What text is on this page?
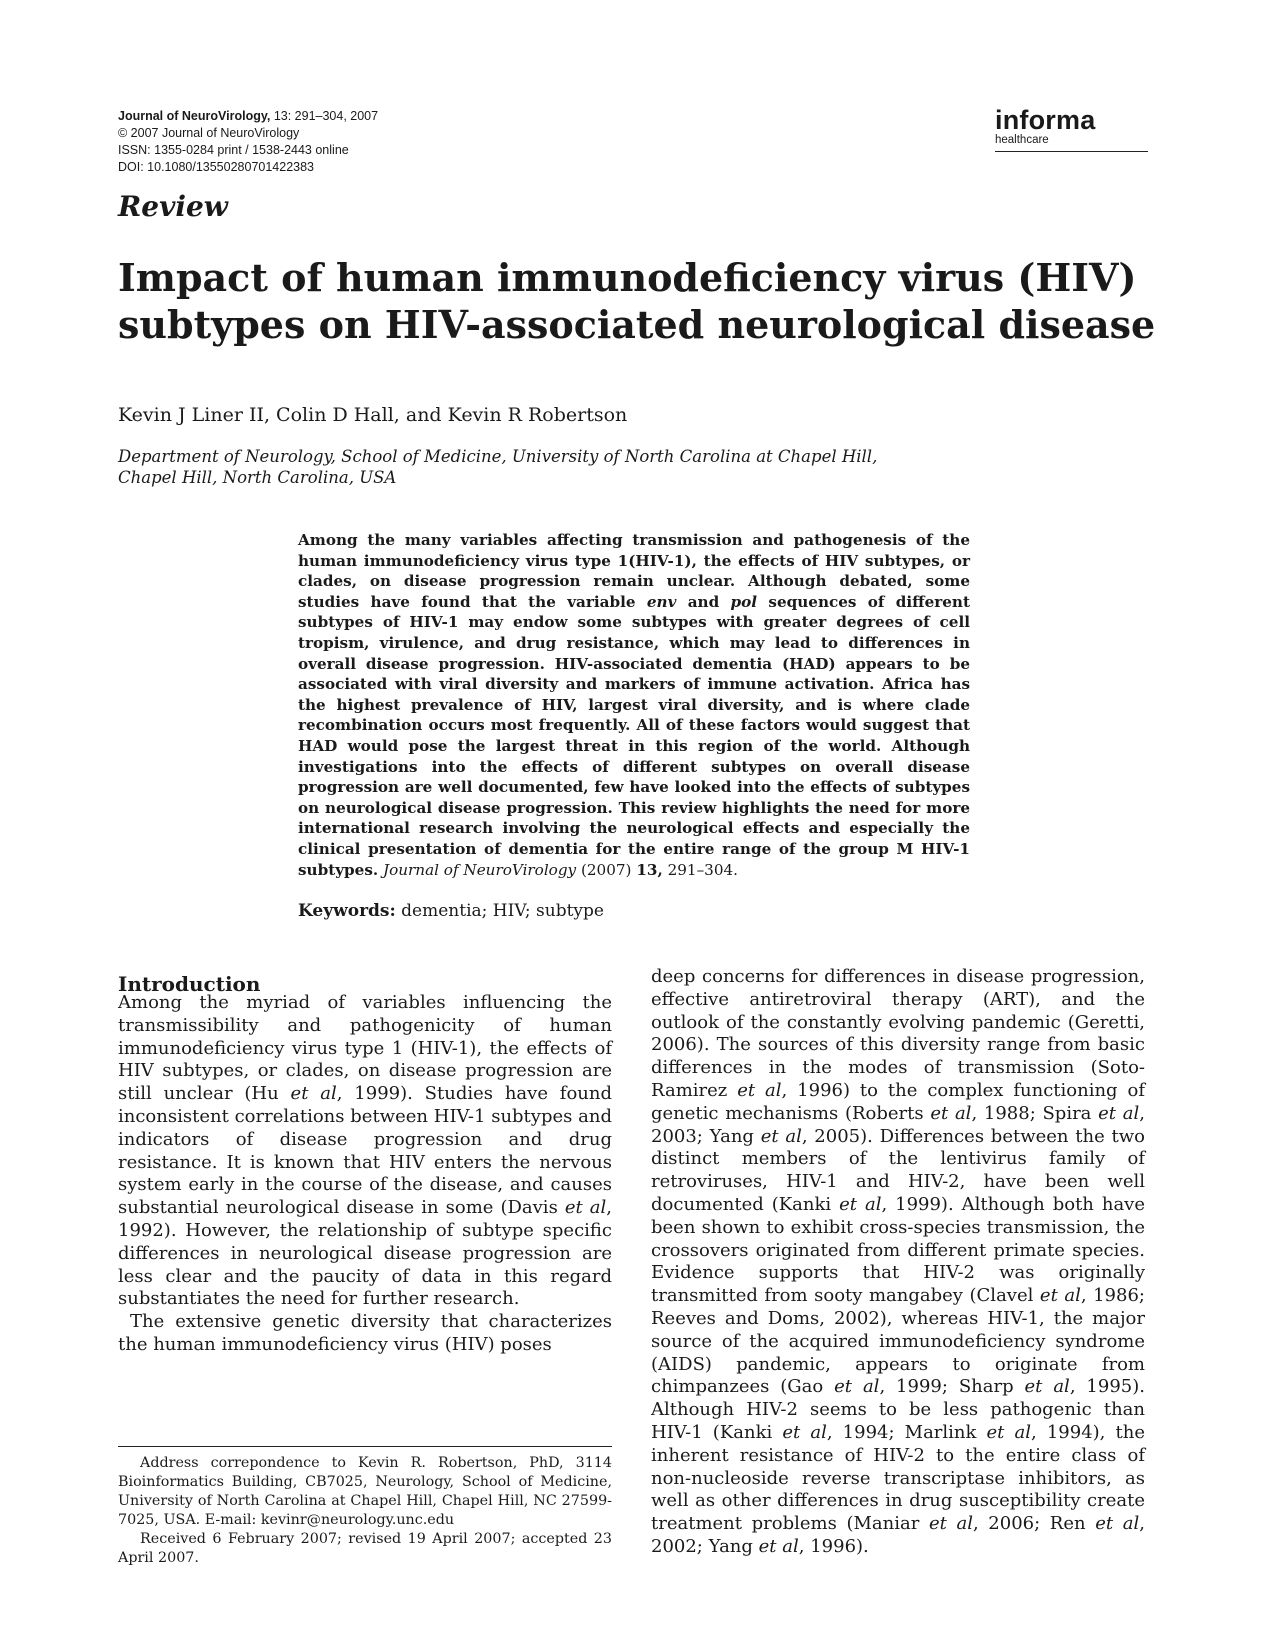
Journal of NeuroVirology, 13: 291–304, 2007
© 2007 Journal of NeuroVirology
ISSN: 1355-0284 print / 1538-2443 online
DOI: 10.1080/13550280701422383
informa
healthcare
Review
Impact of human immunodeficiency virus (HIV)
subtypes on HIV-associated neurological disease
Kevin J Liner II, Colin D Hall, and Kevin R Robertson
Department of Neurology, School of Medicine, University of North Carolina at Chapel Hill,
Chapel Hill, North Carolina, USA
Among the many variables affecting transmission and pathogenesis of the human immunodeficiency virus type 1(HIV-1), the effects of HIV subtypes, or clades, on disease progression remain unclear. Although debated, some studies have found that the variable env and pol sequences of different subtypes of HIV-1 may endow some subtypes with greater degrees of cell tropism, virulence, and drug resistance, which may lead to differences in overall disease progression. HIV-associated dementia (HAD) appears to be associated with viral diversity and markers of immune activation. Africa has the highest prevalence of HIV, largest viral diversity, and is where clade recombination occurs most frequently. All of these factors would suggest that HAD would pose the largest threat in this region of the world. Although investigations into the effects of different subtypes on overall disease progression are well documented, few have looked into the effects of subtypes on neurological disease progression. This review highlights the need for more international research involving the neurological effects and especially the clinical presentation of dementia for the entire range of the group M HIV-1 subtypes. Journal of NeuroVirology (2007) 13, 291–304.
Keywords: dementia; HIV; subtype
Introduction

Among the myriad of variables influencing the transmissibility and pathogenicity of human immunodeficiency virus type 1 (HIV-1), the effects of HIV subtypes, or clades, on disease progression are still unclear (Hu et al, 1999). Studies have found inconsistent correlations between HIV-1 subtypes and indicators of disease progression and drug resistance. It is known that HIV enters the nervous system early in the course of the disease, and causes substantial neurological disease in some (Davis et al, 1992). However, the relationship of subtype specific differences in neurological disease progression are less clear and the paucity of data in this regard substantiates the need for further research.

The extensive genetic diversity that characterizes the human immunodeficiency virus (HIV) poses

deep concerns for differences in disease progression, effective antiretroviral therapy (ART), and the outlook of the constantly evolving pandemic (Geretti, 2006). The sources of this diversity range from basic differences in the modes of transmission (Soto-Ramirez et al, 1996) to the complex functioning of genetic mechanisms (Roberts et al, 1988; Spira et al, 2003; Yang et al, 2005). Differences between the two distinct members of the lentivirus family of retroviruses, HIV-1 and HIV-2, have been well documented (Kanki et al, 1999). Although both have been shown to exhibit cross-species transmission, the crossovers originated from different primate species. Evidence supports that HIV-2 was originally transmitted from sooty mangabey (Clavel et al, 1986; Reeves and Doms, 2002), whereas HIV-1, the major source of the acquired immunodeficiency syndrome (AIDS) pandemic, appears to originate from chimpanzees (Gao et al, 1999; Sharp et al, 1995). Although HIV-2 seems to be less pathogenic than HIV-1 (Kanki et al, 1994; Marlink et al, 1994), the inherent resistance of HIV-2 to the entire class of non-nucleoside reverse transcriptase inhibitors, as well as other differences in drug susceptibility create treatment problems (Maniar et al, 2006; Ren et al, 2002; Yang et al, 1996).

Address correpondence to Kevin R. Robertson, PhD, 3114 Bioinformatics Building, CB7025, Neurology, School of Medicine, University of North Carolina at Chapel Hill, Chapel Hill, NC 27599-7025, USA. E-mail: kevinr@neurology.unc.edu

Received 6 February 2007; revised 19 April 2007; accepted 23 April 2007.
